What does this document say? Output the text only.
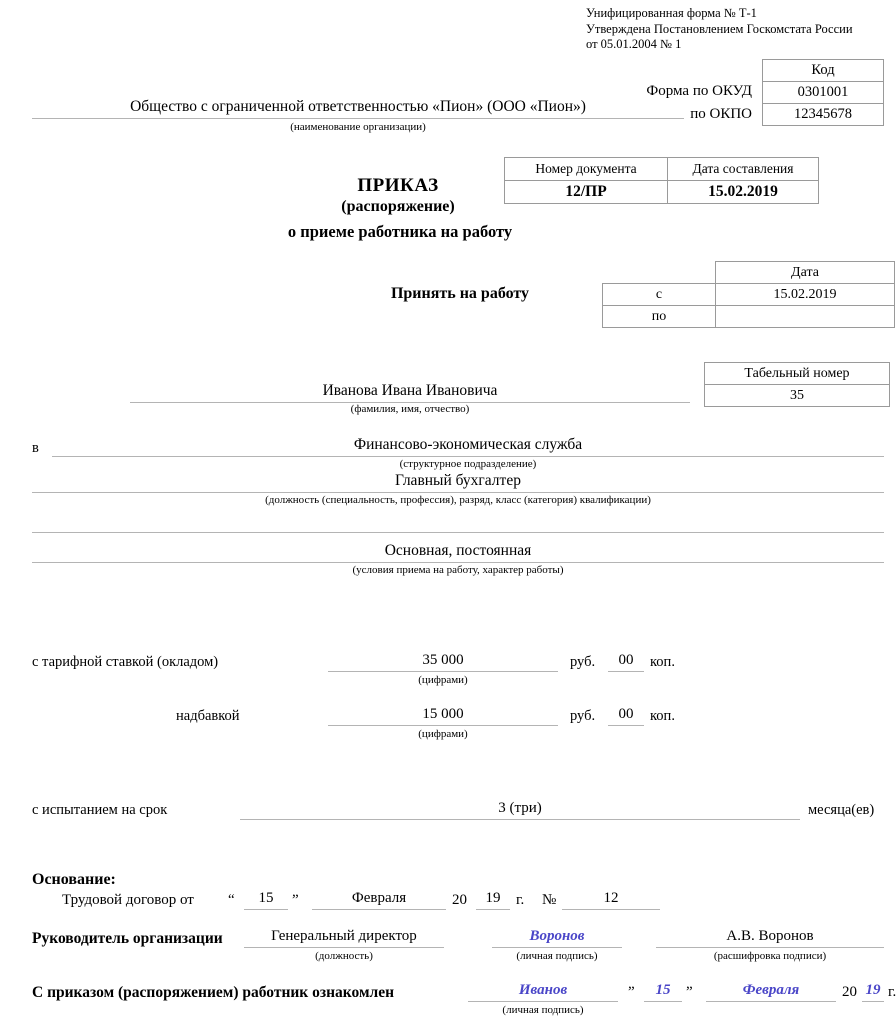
Унифицированная форма № Т-1
Утверждена Постановлением Госкомстата России
от 05.01.2004 № 1
Форма по ОКУД
по ОКПО
Код
0301001
12345678
Общество с ограниченной ответственностью «Пион» (ООО «Пион»)
(наименование организации)
ПРИКАЗ
(распоряжение)
о приеме работника на работу
Номер документа	Дата составления
12/ПР	15.02.2019
Принять на работу
	Дата
с	15.02.2019
по	
Табельный номер
35
Иванова Ивана Ивановича
(фамилия, имя, отчество)
в	Финансово-экономическая служба
(структурное подразделение)
Главный бухгалтер
(должность (специальность, профессия), разряд, класс (категория) квалификации)
Основная, постоянная
(условия приема на работу, характер работы)
с тарифной ставкой (окладом)	35 000
(цифрами)
руб.	00	коп.
надбавкой	15 000
(цифрами)
руб.	00	коп.
с испытанием на срок	3 (три)	месяца(ев)
Основание:
Трудовой договор от “	15	”	Февраля	20	19	г. №	12
Руководитель организации	Генеральный директор
(должность)
Воронов
(личная подпись)
А.В. Воронов
(расшифровка подписи)
С приказом (распоряжением) работник ознакомлен	Иванов
(личная подпись)
”	15	”	Февраля	20 19 г.
